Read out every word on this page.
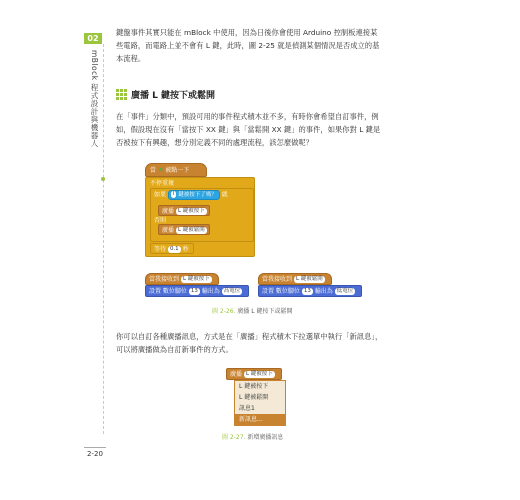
02
mBlock 程式設計與機器人
2-20
鍵盤事件其實只能在 mBlock 中使用，因為日後你會使用 Arduino 控制板連接某
些電路，而電路上並不會有 L 鍵，此時，圖 2-25 就是偵測某個情況是否成立的基
本流程。
廣播 L 鍵按下或鬆開
在「事件」分類中，預設可用的事件程式積木並不多，有時你會希望自訂事件，例
如，假設現在沒有「當按下 XX 鍵」與「當鬆開 XX 鍵」的事件，如果你對 L 鍵是
否被按下有興趣，想分別定義不同的處理流程，該怎麼做呢？
當 ⚑ 被點一下
不停重複
如果 l 鍵被按下了嗎？ 就
廣播 L 鍵被按下
否則
廣播 L 鍵被鬆開
等待 0.1 秒
當我接收到 L 鍵被按下
設置 數位腳位 13 輸出為 高電位
當我接收到 L 鍵被鬆開
設置 數位腳位 13 輸出為 低電位
圖 2-26. 廣播 L 鍵按下或鬆開
你可以自訂各種廣播訊息，方式是在「廣播」程式積木下拉選單中執行「新訊息」，
可以將廣播做為自訂新事件的方式。
廣播 L 鍵被按下
L 鍵被按下
L 鍵被鬆開
訊息1
新訊息...
圖 2-27. 新增廣播訊息
